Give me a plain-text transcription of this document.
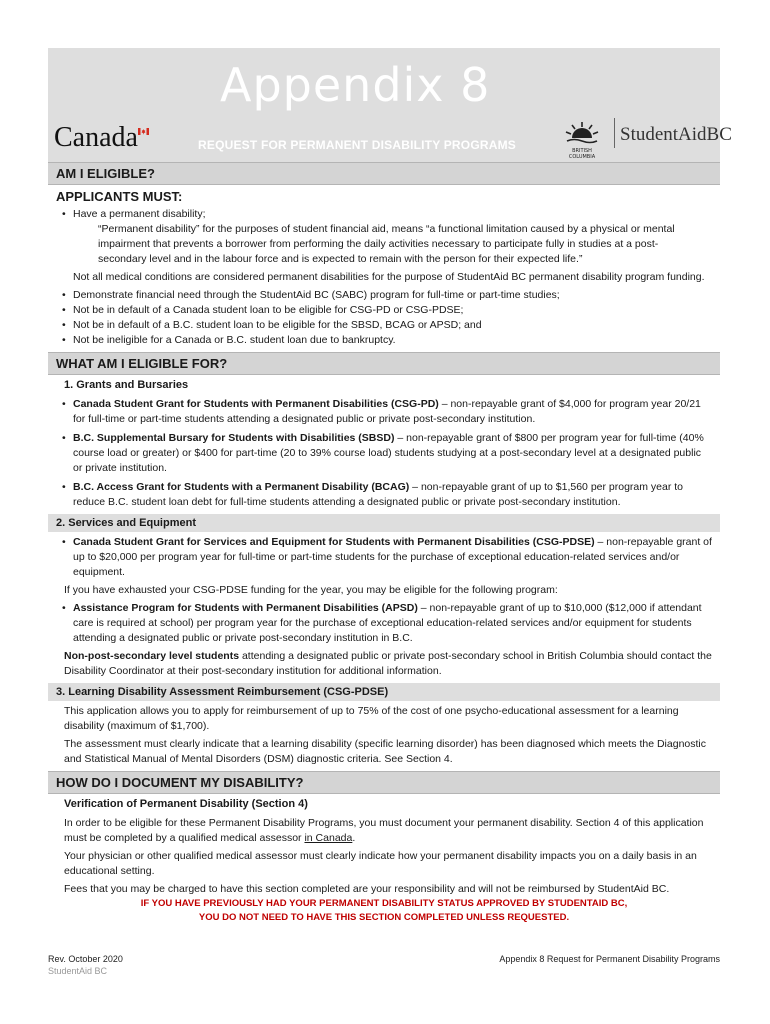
Appendix 8
REQUEST FOR PERMANENT DISABILITY PROGRAMS
Canada	BRITISH
COLUMBIA
StudentAidBC
AM I ELIGIBLE?
APPLICANTS MUST:
• Have a permanent disability;
“Permanent disability” for the purposes of student financial aid, means “a functional limitation caused by a physical or mental impairment that prevents a borrower from performing the daily activities necessary to participate fully in studies at a post-secondary level and in the labour force and is expected to remain with the person for their expected life.”
Not all medical conditions are considered permanent disabilities for the purpose of StudentAid BC permanent disability program funding.
• Demonstrate financial need through the StudentAid BC (SABC) program for full-time or part-time studies;
• Not be in default of a Canada student loan to be eligible for CSG-PD or CSG-PDSE;
• Not be in default of a B.C. student loan to be eligible for the SBSD, BCAG or APSD; and
• Not be ineligible for a Canada or B.C. student loan due to bankruptcy.
WHAT AM I ELIGIBLE FOR?
1. Grants and Bursaries
• Canada Student Grant for Students with Permanent Disabilities (CSG-PD) – non-repayable grant of $4,000 for program year 20/21 for full-time or part-time students attending a designated public or private post-secondary institution.
• B.C. Supplemental Bursary for Students with Disabilities (SBSD) – non-repayable grant of $800 per program year for full-time (40% course load or greater) or $400 for part-time (20 to 39% course load) students studying at a post-secondary level at a designated public or private institution.
• B.C. Access Grant for Students with a Permanent Disability (BCAG) – non-repayable grant of up to $1,560 per program year to reduce B.C. student loan debt for full-time students attending a designated public or private post-secondary institution.
2. Services and Equipment
• Canada Student Grant for Services and Equipment for Students with Permanent Disabilities (CSG-PDSE) – non-repayable grant of up to $20,000 per program year for full-time or part-time students for the purchase of exceptional education-related services and/or equipment.
If you have exhausted your CSG-PDSE funding for the year, you may be eligible for the following program:
• Assistance Program for Students with Permanent Disabilities (APSD) – non-repayable grant of up to $10,000 ($12,000 if attendant care is required at school) per program year for the purchase of exceptional education-related services and/or equipment for students attending a designated public or private post-secondary institution in B.C.
Non-post-secondary level students attending a designated public or private post-secondary school in British Columbia should contact the Disability Coordinator at their post-secondary institution for additional information.
3. Learning Disability Assessment Reimbursement (CSG-PDSE)
This application allows you to apply for reimbursement of up to 75% of the cost of one psycho-educational assessment for a learning disability (maximum of $1,700).
The assessment must clearly indicate that a learning disability (specific learning disorder) has been diagnosed which meets the Diagnostic and Statistical Manual of Mental Disorders (DSM) diagnostic criteria. See Section 4.
HOW DO I DOCUMENT MY DISABILITY?
Verification of Permanent Disability (Section 4)
In order to be eligible for these Permanent Disability Programs, you must document your permanent disability. Section 4 of this application must be completed by a qualified medical assessor in Canada.
Your physician or other qualified medical assessor must clearly indicate how your permanent disability impacts you on a daily basis in an educational setting.
Fees that you may be charged to have this section completed are your responsibility and will not be reimbursed by StudentAid BC.
IF YOU HAVE PREVIOUSLY HAD YOUR PERMANENT DISABILITY STATUS APPROVED BY STUDENTAID BC,
YOU DO NOT NEED TO HAVE THIS SECTION COMPLETED UNLESS REQUESTED.
Rev. October 2020
StudentAid BC
Appendix 8 Request for Permanent Disability Programs
